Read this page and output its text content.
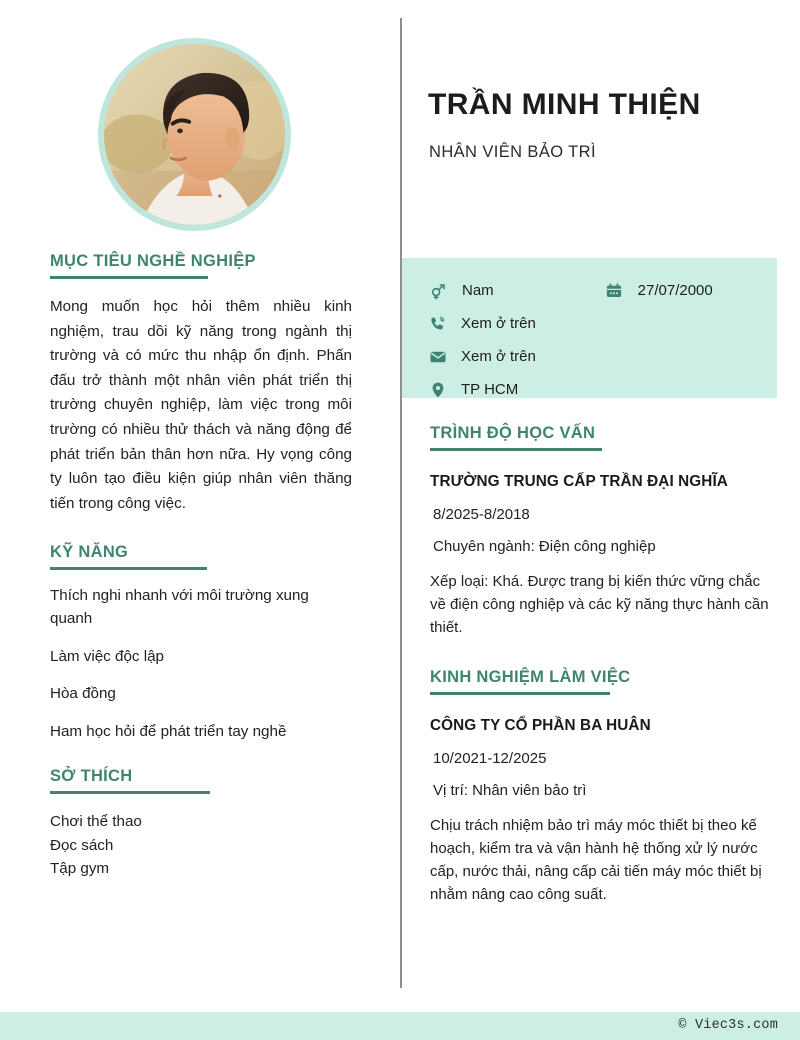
MỤC TIÊU NGHỀ NGHIỆP

Mong muốn học hỏi thêm nhiều kinh nghiệm, trau dồi kỹ năng trong ngành thị trường và có mức thu nhập ổn định. Phấn đấu trở thành một nhân viên phát triển thị trường chuyên nghiệp, làm việc trong môi trường có nhiều thử thách và năng động để phát triển bản thân hơn nữa. Hy vọng công ty luôn tạo điều kiện giúp nhân viên thăng tiến trong công việc.

KỸ NĂNG
Thích nghi nhanh với môi trường xung quanh
Làm việc độc lập
Hòa đồng
Ham học hỏi để phát triển tay nghề
SỞ THÍCH
Chơi thể thao
Đọc sách
Tập gym
TRẦN MINH THIỆN
NHÂN VIÊN BẢO TRÌ
Nam	27/07/2000
Xem ở trên
Xem ở trên
TP HCM
TRÌNH ĐỘ HỌC VẤN
TRƯỜNG TRUNG CẤP TRẦN ĐẠI NGHĨA
8/2025-8/2018
Chuyên ngành: Điện công nghiệp

Xếp loại: Khá. Được trang bị kiến thức vững chắc về điện công nghiệp và các kỹ năng thực hành cần thiết.

KINH NGHIỆM LÀM VIỆC
CÔNG TY CỔ PHẦN BA HUÂN
10/2021-12/2025
Vị trí: Nhân viên bảo trì

Chịu trách nhiệm bảo trì máy móc thiết bị theo kế hoạch, kiểm tra và vận hành hệ thống xử lý nước cấp, nước thải, nâng cấp cải tiến máy móc thiết bị nhằm nâng cao công suất.

© Viec3s.com
